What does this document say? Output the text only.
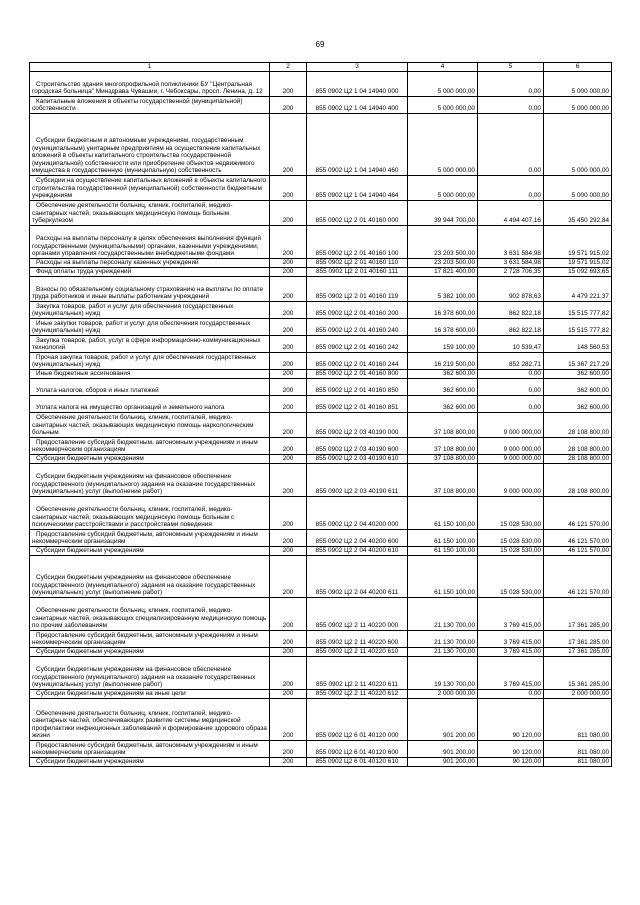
69
1	2	3	4	5	6
Строительство здания многопрофильной поликлиники БУ "Центральная городская больница" Минздрава Чувашии, г. Чебоксары, просп. Ленина, д. 12	200	855 0902 Ц2 1 04 14940 000	5 000 000,00	0,00	5 000 000,00
Капитальные вложения в объекты государственной (муниципальной) собственности	200	855 0902 Ц2 1 04 14940 400	5 000 000,00	0,00	5 000 000,00
Субсидии бюджетным и автономным учреждениям, государственным (муниципальным) унитарным предприятиям на осуществление капитальных вложений в объекты капитального строительства государственной (муниципальной) собственности или приобретение объектов недвижимого имущества в государственную (муниципальную) собственность	200	855 0902 Ц2 1 04 14940 460	5 000 000,00	0,00	5 000 000,00
Субсидии на осуществление капитальных вложений в объекты капитального строительства государственной (муниципальной) собственности бюджетным учреждениям	200	855 0902 Ц2 1 04 14940 464	5 000 000,00	0,00	5 000 000,00
Обеспечение деятельности больниц, клиник, госпиталей, медико-санитарных частей, оказывающих медицинскую помощь больным туберкулезом	200	855 0902 Ц2 2 01 40160 000	39 944 700,00	4 494 407,16	35 450 292,84
Расходы на выплаты персоналу в целях обеспечения выполнения функций государственными (муниципальными) органами, казенными учреждениями, органами управления государственными внебюджетными фондами	200	855 0902 Ц2 2 01 40160 100	23 203 500,00	3 631 584,98	19 571 915,02
Расходы на выплаты персоналу казенных учреждений	200	855 0902 Ц2 2 01 40160 110	23 203 500,00	3 631 584,98	19 571 915,02
Фонд оплаты труда учреждений	200	855 0902 Ц2 2 01 40160 111	17 821 400,00	2 728 706,35	15 092 693,65
Взносы по обязательному социальному страхованию на выплаты по оплате труда работников и иные выплаты работникам учреждений	200	855 0902 Ц2 2 01 40160 119	5 382 100,00	902 878,63	4 479 221,37
Закупка товаров, работ и услуг для обеспечения государственных (муниципальных) нужд	200	855 0902 Ц2 2 01 40160 200	16 378 600,00	862 822,18	15 515 777,82
Иные закупки товаров, работ и услуг для обеспечения государственных (муниципальных) нужд	200	855 0902 Ц2 2 01 40160 240	16 378 600,00	862 822,18	15 515 777,82
Закупка товаров, работ, услуг в сфере информационно-коммуникационных технологий	200	855 0902 Ц2 2 01 40160 242	159 100,00	10 539,47	148 560,53
Прочая закупка товаров, работ и услуг для обеспечения государственных (муниципальных) нужд	200	855 0902 Ц2 2 01 40160 244	16 219 500,00	852 282,71	15 367 217,29
Иные бюджетные ассигнования	200	855 0902 Ц2 2 01 40160 800	362 600,00	0,00	362 600,00
Уплата налогов, сборов и иных платежей	200	855 0902 Ц2 2 01 40160 850	362 600,00	0,00	362 600,00
Уплата налога на имущество организаций и земельного налога	200	855 0902 Ц2 2 01 40160 851	362 600,00	0,00	362 600,00
Обеспечение деятельности больниц, клиник, госпиталей, медико-санитарных частей, оказывающих медицинскую помощь наркологическим больным	200	855 0902 Ц2 2 03 40190 000	37 108 800,00	9 000 000,00	28 108 800,00
Предоставление субсидий бюджетным, автономным учреждениям и иным некоммерческим организациям	200	855 0902 Ц2 2 03 40190 600	37 108 800,00	9 000 000,00	28 108 800,00
Субсидии бюджетным учреждениям	200	855 0902 Ц2 2 03 40190 610	37 108 800,00	9 000 000,00	28 108 800,00
Субсидии бюджетным учреждениям на финансовое обеспечение государственного (муниципального) задания на оказание государственных (муниципальных) услуг (выполнение работ)	200	855 0902 Ц2 2 03 40190 611	37 108 800,00	9 000 000,00	28 108 800,00
Обеспечение деятельности больниц, клиник, госпиталей, медико-санитарных частей, оказывающих медицинскую помощь больным с психическими расстройствами и расстройствами поведения	200	855 0902 Ц2 2 04 40200 000	61 150 100,00	15 028 530,00	46 121 570,00
Предоставление субсидий бюджетным, автономным учреждениям и иным некоммерческим организациям	200	855 0902 Ц2 2 04 40200 600	61 150 100,00	15 028 530,00	46 121 570,00
Субсидии бюджетным учреждениям	200	855 0902 Ц2 2 04 40200 610	61 150 100,00	15 028 530,00	46 121 570,00
Субсидии бюджетным учреждениям на финансовое обеспечение государственного (муниципального) задания на оказание государственных (муниципальных) услуг (выполнение работ)	200	855 0902 Ц2 2 04 40200 611	61 150 100,00	15 028 530,00	46 121 570,00
Обеспечение деятельности больниц, клиник, госпиталей, медико-санитарных частей, оказывающих специализированную медицинскую помощь по прочим заболеваниям	200	855 0902 Ц2 2 11 40220 000	21 130 700,00	3 769 415,00	17 361 285,00
Предоставление субсидий бюджетным, автономным учреждениям и иным некоммерческим организациям	200	855 0902 Ц2 2 11 40220 600	21 130 700,00	3 769 415,00	17 361 285,00
Субсидии бюджетным учреждениям	200	855 0902 Ц2 2 11 40220 610	21 130 700,00	3 769 415,00	17 361 285,00
Субсидии бюджетным учреждениям на финансовое обеспечение государственного (муниципального) задания на оказание государственных (муниципальных) услуг (выполнение работ)	200	855 0902 Ц2 2 11 40220 611	19 130 700,00	3 769 415,00	15 361 285,00
Субсидии бюджетным учреждениям на иные цели	200	855 0902 Ц2 2 11 40220 612	2 000 000,00	0,00	2 000 000,00
Обеспечение деятельности больниц, клиник, госпиталей, медико-санитарных частей, обеспечивающих развитие системы медицинской профилактики инфекционных заболеваний и формирование здорового образа жизни	200	855 0902 Ц2 6 01 40120 000	901 200,00	90 120,00	811 080,00
Предоставление субсидий бюджетным, автономным учреждениям и иным некоммерческим организациям	200	855 0902 Ц2 6 01 40120 600	901 200,00	90 120,00	811 080,00
Субсидии бюджетным учреждениям	200	855 0902 Ц2 6 01 40120 610	901 200,00	90 120,00	811 080,00
